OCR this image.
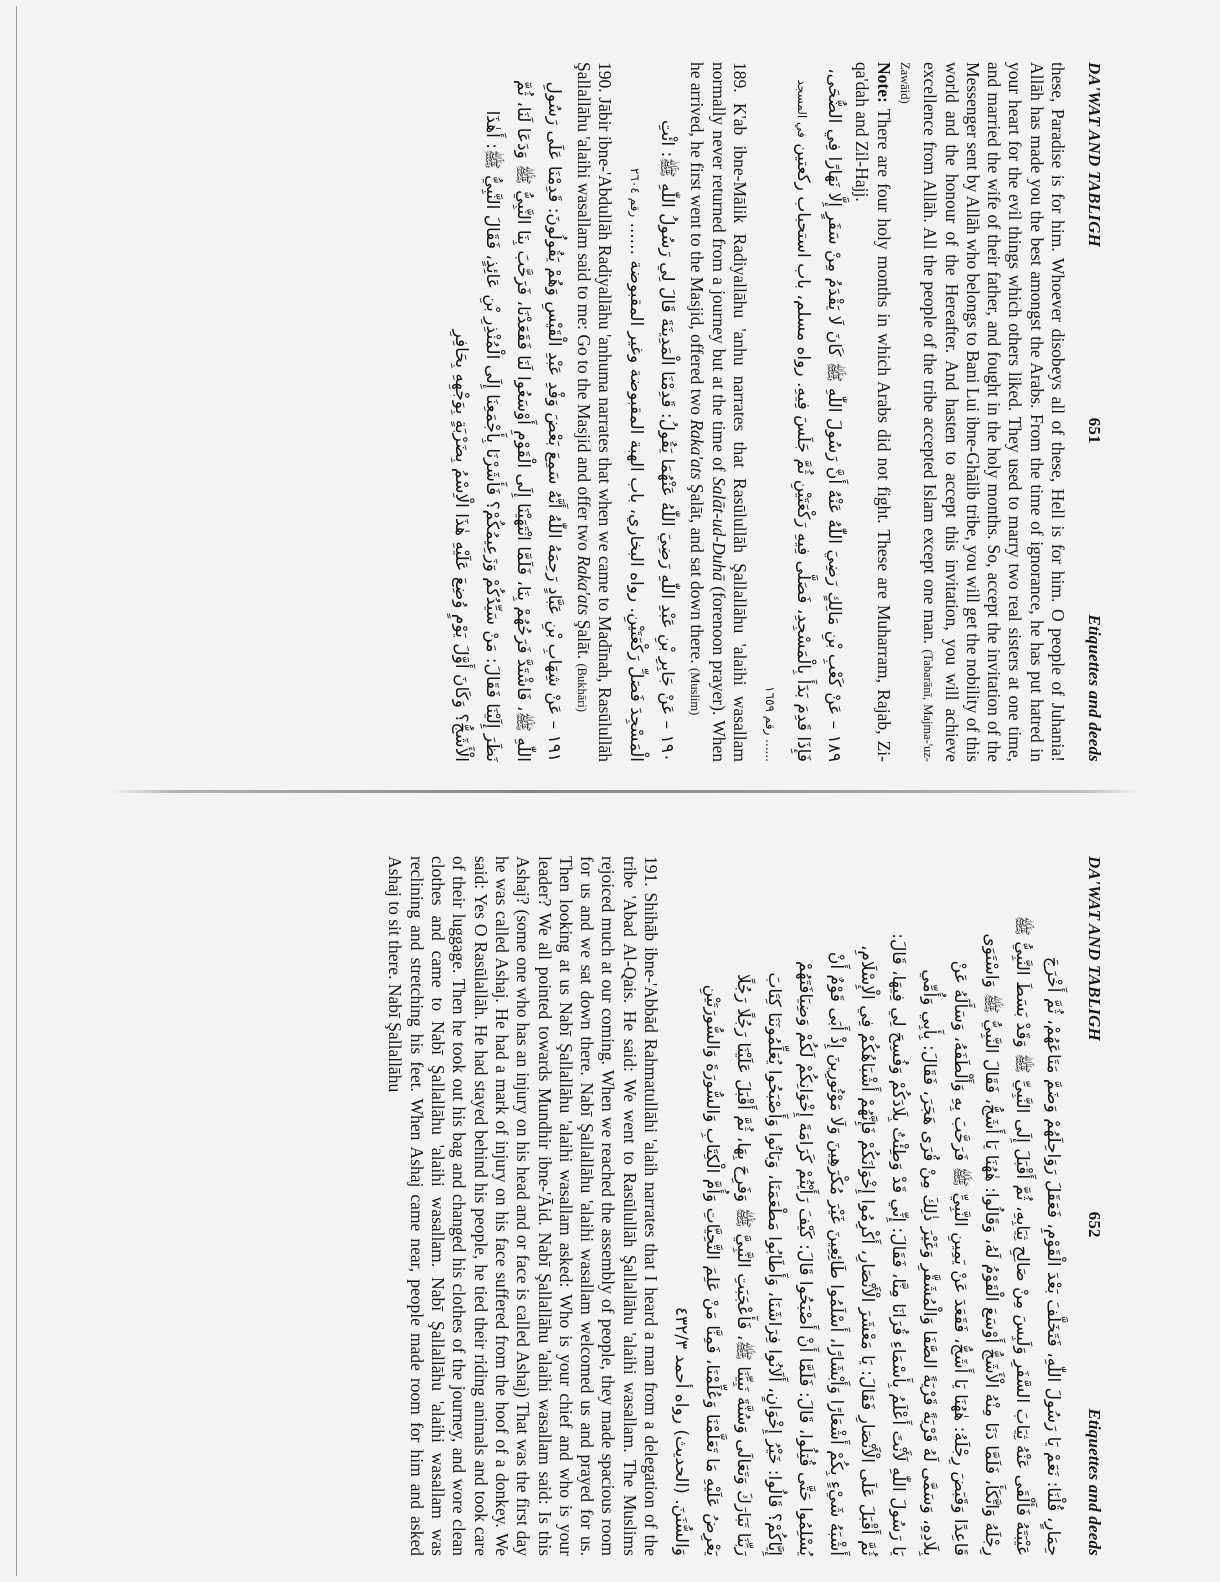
DA'WAT AND TABLIGH
651
Etiquettes and deeds

these, Paradise is for him. Whoever disobeys all of these, Hell is for him. O people of Juhania! Allāh has made you the best amongst the Arabs. From the time of ignorance, he has put hatred in your heart for the evil things which others liked. They used to marry two real sisters at one time, and married the wife of their father, and fought in the holy months. So, accept the invitation of the Messenger sent by Allāh who belongs to Bani Lui ibne-Ghālib tribe, you will get the nobility of this world and the honour of the Hereafter. And hasten to accept this invitation, you will achieve excellence from Allāh. All the people of the tribe accepted Islam except one man. (Tabarānī, Majma-'uz-Zawāid)

Note: There are four holy months in which Arabs did not fight. These are Muharram, Rajab, Zi-qa'dah and Zil-Hajj.

١٨٩ – عَنْ كَعْبِ بْنِ مَالِكٍ رَضِيَ اللّٰهُ عَنْهُ أَنَّ رَسُولَ اللّٰهِ ﷺ كَانَ لَا يَقْدَمُ مِنْ سَفَرٍ إِلَّا نَهَارًا فِي الضُّحَى، فَإِذَا قَدِمَ بَدَأَ بِالْمَسْجِدِ، فَصَلَّى فِيهِ رَكْعَتَيْنِ ثُمَّ جَلَسَ فِيهِ. رواه مسلم، باب استحباب ركعتين في المسجد ...... رقم ١٦٥٩

189. K'ab ibne-Mālik Radiyallāhu 'anhu narrates that Rasūlullāh Şallallāhu 'alaihi wasallam normally never returned from a journey but at the time of Salāt-ud-Duhā (forenoon prayer). When he arrived, he first went to the Masjid, offered two Raka'ats Şalāt, and sat down there. (Muslim)

١٩٠ – عَنْ جَابِرِ بْنِ عَبْدِ اللّٰهِ رَضِيَ اللّٰهُ عَنْهُمَا يَقُولُ: قَدِمْنَا الْمَدِينَةَ قَالَ لِي رَسُولُ اللّٰهِ ﷺ: ائْتِ الْمَسْجِدَ فَصَلِّ رَكْعَتَيْنِ. رواه البخاري، باب الهبة المقبوضة وغير المقبوضة ...... رقم ٢٦٠٤

190. Jābir ibne-'Abdullāh Radiyallāhu 'anhuma narrates that when we came to Madīnah, Rasūlullāh Şallallāhu 'alaihi wasallam said to me: Go to the Masjid and offer two Raka'ats Şalāt. (Bukhāri)

١٩١ – عَنْ شِهَابِ بْنِ عَبَّادٍ رَحِمَهُ اللّٰهُ أَنَّهُ سَمِعَ بَعْضَ وَفْدِ عَبْدِ الْقَيْسِ وَهُمْ يَقُولُونَ: قَدِمْنَا عَلَى رَسُولِ اللّٰهِ ﷺ، فَاشْتَدَّ فَرَحُهُمْ بِنَا، فَلَمَّا انْتَهَيْنَا إِلَى الْقَوْمِ أَوْسَعُوا لَنَا فَقَعَدْنَا، فَرَحَّبَ بِنَا النَّبِيُّ ﷺ وَدَعَا لَنَا، ثُمَّ نَظَرَ إِلَيْنَا فَقَالَ: مَنْ سَيِّدُكُمْ وَزَعِيمُكُمْ؟ فَأَشَرْنَا بِأَجْمَعِنَا إِلَى الْمُنْذِرِ بْنِ عَائِذٍ، فَقَالَ النَّبِيُّ ﷺ: أَهٰذَا الْأَشَجُّ؟ وَكَانَ أَوَّلَ يَوْمٍ وُضِعَ عَلَيْهِ هٰذَا الْاِسْمُ بِضَرْبَةٍ بِوَجْهِهِ بِحَافِرِ
DA'WAT AND TABLIGH
652
Etiquettes and deeds
حِمَارٍ، قُلْنَا: نَعَمْ يَا رَسُولَ اللّٰهِ، فَتَخَلَّفَ بَعْدَ الْقَوْمِ، فَعَقَلَ رَوَاحِلَهُمْ وَضَمَّ مَتَاعَهُمْ، ثُمَّ أَخْرَجَ
عَيْبَتَهُ فَأَلْقَى عَنْهُ ثِيَابَ السَّفَرِ وَلَبِسَ مِنْ صَالِحِ ثِيَابِهِ، ثُمَّ أَقْبَلَ إِلَى النَّبِيِّ ﷺ وَقَدْ بَسَطَ النَّبِيُّ ﷺ
رِجْلَهُ وَاتَّكَأَ، فَلَمَّا دَنَا مِنْهُ الْأَشَجُّ أَوْسَعَ الْقَوْمُ لَهُ، وَقَالُوا: هٰهُنَا يَا أَشَجُّ، فَقَالَ النَّبِيُّ ﷺ وَاسْتَوَى
قَاعِدًا وَقَبَضَ رِجْلَهُ: هٰهُنَا يَا أَشَجُّ، فَقَعَدَ عَنْ يَمِينِ النَّبِيِّ ﷺ فَرَحَّبَ بِهِ وَأَلْطَفَهُ، وَسَأَلَهُ عَنْ
بِلَادِهِ، وَسَمَّى لَهُ قَرْيَةً قَرْيَةً الصَّفَا وَالْمُشَقَّرِ وَغَيْرَ ذٰلِكَ مِنْ قُرَى هَجَرَ، فَقَالَ: بِأَبِي وَأُمِّي
يَا رَسُولَ اللّٰهِ لَأَنْتَ أَعْلَمُ بِأَسْمَاءِ قُرَانَا مِنَّا، فَقَالَ: إِنِّي قَدْ وَطِئْتُ بِلَادَكُمْ وَفُسِحَ لِي فِيهَا، قَالَ:
ثُمَّ أَقْبَلَ عَلَى الْأَنْصَارِ فَقَالَ: يَا مَعْشَرَ الْأَنْصَارِ، أَكْرِمُوا إِخْوَانَكُمْ فَإِنَّهُمْ أَشْبَاهُكُمْ فِي الْإِسْلَامِ،
أَشْبَهُ شَيْءٍ بِكُمْ أَشْعَارًا وَأَبْشَارًا، أَسْلَمُوا طَائِعِينَ غَيْرَ مُكْرَهِينَ وَلَا مَوْتُورِينَ إِذْ أَبَى قَوْمٌ أَنْ
يُسْلِمُوا حَتَّى قُتِلُوا، قَالَ: فَلَمَّا أَنْ أَصْبَحُوا قَالَ: كَيْفَ رَأَيْتُمْ كَرَامَةَ إِخْوَانِكُمْ لَكُمْ وَضِيَافَتَهُمْ
إِيَّاكُمْ؟ قَالُوا: خَيْرُ إِخْوَانٍ، أَلَانُوا فِرَاشَنَا، وَأَطَابُوا مَطْعَمَنَا، وَبَاتُوا وَأَصْبَحُوا يُعَلِّمُونَنَا كِتَابَ
رَبِّنَا تَبَارَكَ وَتَعَالَى وَسُنَّةَ نَبِيِّنَا ﷺ، فَأَعْجَبَتِ النَّبِيَّ ﷺ وَفَرِحَ بِهَا، ثُمَّ أَقْبَلَ عَلَيْنَا رَجُلًا رَجُلًا
يَعْرِضُ عَلَيْهِ مَا تَعَلَّمْنَا وَعُلِّمْنَا، فَمِنَّا مَنْ عَلِمَ التَّحِيَّاتِ وَأُمَّ الْكِتَابِ وَالسُّورَةَ وَالسُّورَتَيْنِ
وَالسُّنَنَ. (الحديث) رواه أحمد ٤٣٢/٣

191. Shihāb ibne-'Abbād Rahmatullāhi 'alaih narrates that I heard a man from a delegation of the tribe 'Abad Al-Qais. He said: We went to Rasūlullāh Şallallāhu 'alaihi wasallam. The Muslims rejoiced much at our coming. When we reached the assembly of people, they made spacious room for us and we sat down there. Nabī Şallallāhu 'alaihi wasallam welcomed us and prayed for us. Then looking at us Nabī Şallallāhu 'alaihi wasallam asked: Who is your chief and who is your leader? We all pointed towards Mundhir ibne-'Āid. Nabī Şallallāhu 'alaihi wasallam said: Is this Ashaj? (some one who has an injury on his head and or face is called Ashaj) That was the first day he was called Ashaj. He had a mark of injury on his face suffered from the hoof of a donkey. We said: Yes O Rasūlallāh. He had stayed behind his people, he tied their riding animals and took care of their luggage. Then he took out his bag and changed his clothes of the journey, and wore clean clothes and came to Nabī Şallallāhu 'alaihi wasallam. Nabī Şallallāhu 'alaihi wasallam was reclining and stretching his feet. When Ashaj came near, people made room for him and asked Ashaj to sit there. Nabī Şallallāhu
